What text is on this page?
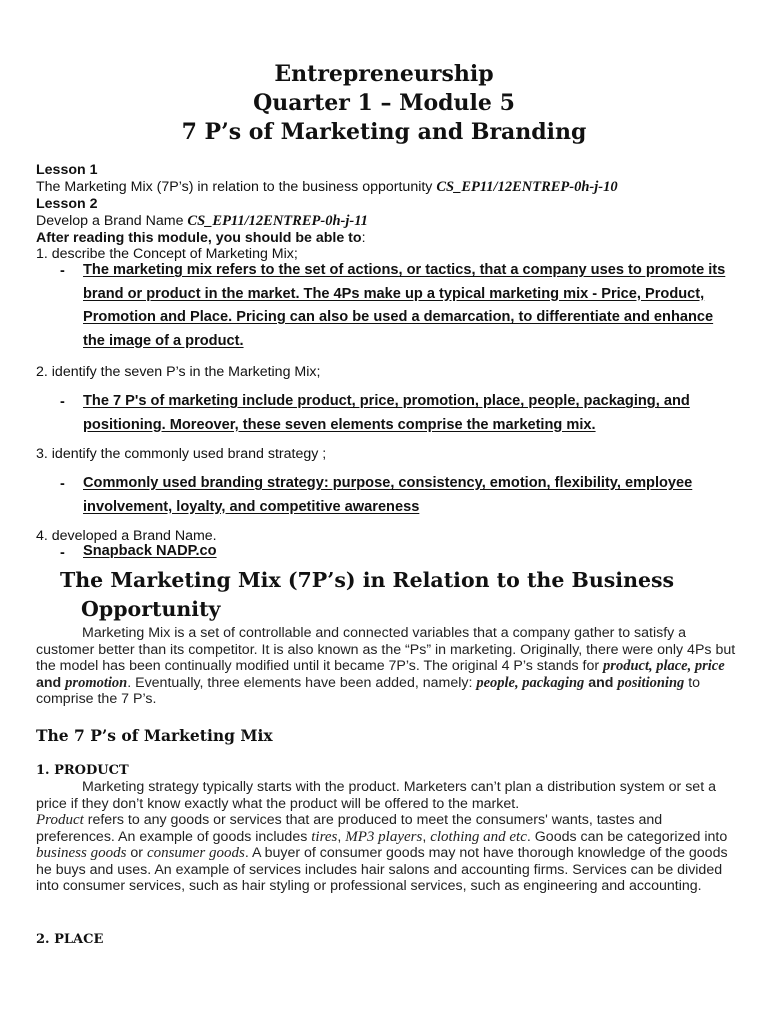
Entrepreneurship
Quarter 1 – Module 5
7 P’s of Marketing and Branding
Lesson 1
The Marketing Mix (7P’s) in relation to the business opportunity CS_EP11/12ENTREP-0h-j-10
Lesson 2
Develop a Brand Name CS_EP11/12ENTREP-0h-j-11
After reading this module, you should be able to:
1. describe the Concept of Marketing Mix;
- The marketing mix refers to the set of actions, or tactics, that a company uses to promote its brand or product in the market. The 4Ps make up a typical marketing mix - Price, Product, Promotion and Place. Pricing can also be used a demarcation, to differentiate and enhance the image of a product.
2. identify the seven P’s in the Marketing Mix;
- The 7 P's of marketing include product, price, promotion, place, people, packaging, and positioning. Moreover, these seven elements comprise the marketing mix.
3. identify the commonly used brand strategy ;
- Commonly used branding strategy: purpose, consistency, emotion, flexibility, employee involvement, loyalty, and competitive awareness
4. developed a Brand Name.
- Snapback NADP.co
The Marketing Mix (7P’s) in Relation to the Business
Opportunity
Marketing Mix is a set of controllable and connected variables that a company gather to satisfy a customer better than its competitor. It is also known as the “Ps” in marketing. Originally, there were only 4Ps but the model has been continually modified until it became 7P’s. The original 4 P’s stands for product, place, price and promotion. Eventually, three elements have been added, namely: people, packaging and positioning to comprise the 7 P’s.
The 7 P’s of Marketing Mix
1. PRODUCT
Marketing strategy typically starts with the product. Marketers can’t plan a distribution system or set a price if they don’t know exactly what the product will be offered to the market.
Product refers to any goods or services that are produced to meet the consumers' wants, tastes and preferences. An example of goods includes tires, MP3 players, clothing and etc. Goods can be categorized into business goods or consumer goods. A buyer of consumer goods may not have thorough knowledge of the goods he buys and uses. An example of services includes hair salons and accounting firms. Services can be divided into consumer services, such as hair styling or professional services, such as engineering and accounting.
2. PLACE
